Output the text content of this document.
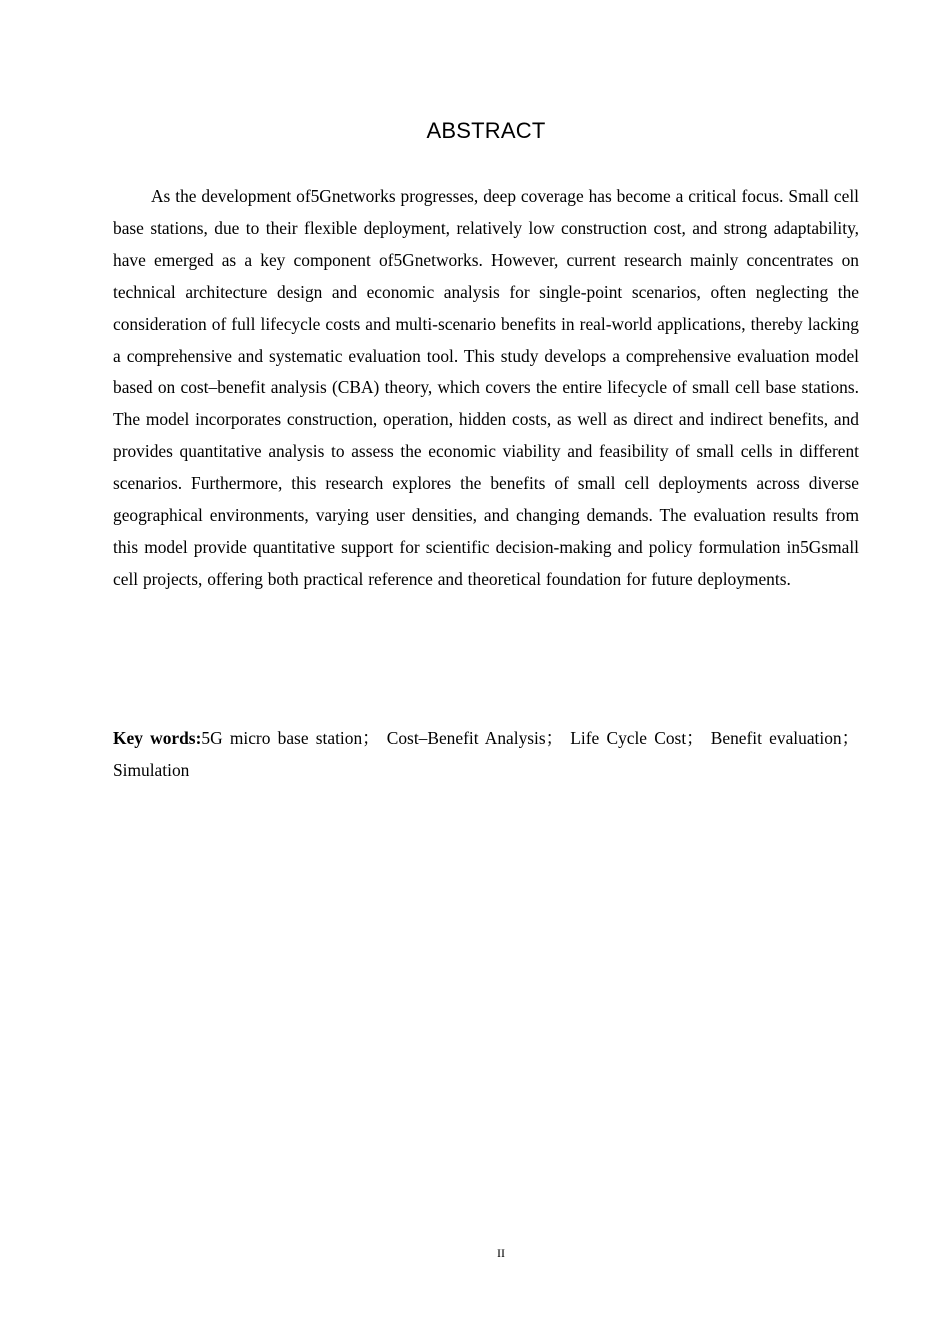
ABSTRACT

As the development of5Gnetworks progresses, deep coverage has become a critical focus. Small cell base stations, due to their flexible deployment, relatively low construction cost, and strong adaptability, have emerged as a key component of5Gnetworks. However, current research mainly concentrates on technical architecture design and economic analysis for single-point scenarios, often neglecting the consideration of full lifecycle costs and multi-scenario benefits in real-world applications, thereby lacking a comprehensive and systematic evaluation tool. This study develops a comprehensive evaluation model based on cost–benefit analysis (CBA) theory, which covers the entire lifecycle of small cell base stations. The model incorporates construction, operation, hidden costs, as well as direct and indirect benefits, and provides quantitative analysis to assess the economic viability and feasibility of small cells in different scenarios. Furthermore, this research explores the benefits of small cell deployments across diverse geographical environments, varying user densities, and changing demands. The evaluation results from this model provide quantitative support for scientific decision-making and policy formulation in5Gsmall cell projects, offering both practical reference and theoretical foundation for future deployments.

Key words:5G micro base station； Cost–Benefit Analysis； Life Cycle Cost； Benefit evaluation； Simulation

II
